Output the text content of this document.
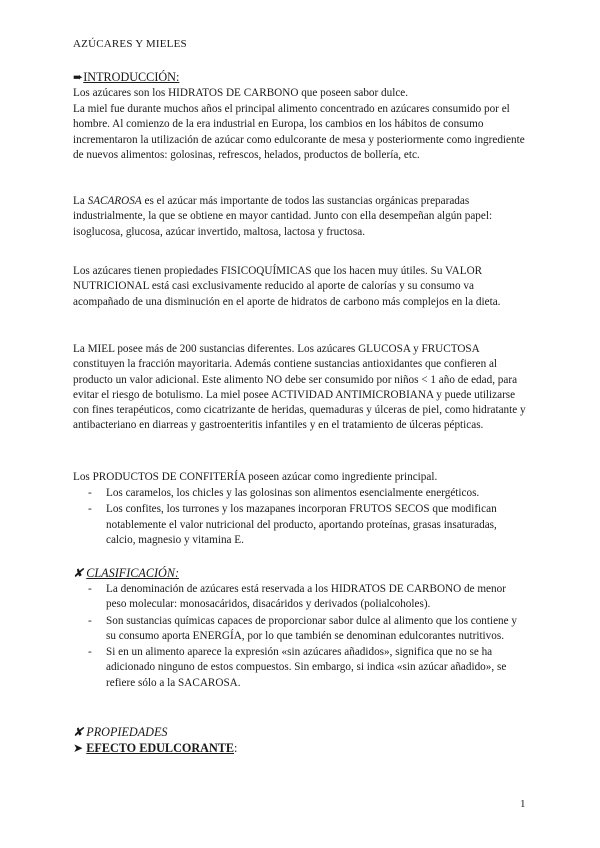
AZÚCARES Y MIELES
➨INTRODUCCIÓN:

Los azúcares son los HIDRATOS DE CARBONO que poseen sabor dulce.

La miel fue durante muchos años el principal alimento concentrado en azúcares consumido por el hombre. Al comienzo de la era industrial en Europa, los cambios en los hábitos de consumo incrementaron la utilización de azúcar como edulcorante de mesa y posteriormente como ingrediente de nuevos alimentos: golosinas, refrescos, helados, productos de bollería, etc.

La SACAROSA es el azúcar más importante de todos las sustancias orgánicas preparadas industrialmente, la que se obtiene en mayor cantidad. Junto con ella desempeñan algún papel: isoglucosa, glucosa, azúcar invertido, maltosa, lactosa y fructosa.

Los azúcares tienen propiedades FISICOQUÍMICAS que los hacen muy útiles. Su VALOR NUTRICIONAL está casi exclusivamente reducido al aporte de calorías y su consumo va acompañado de una disminución en el aporte de hidratos de carbono más complejos en la dieta.

La MIEL posee más de 200 sustancias diferentes. Los azúcares GLUCOSA y FRUCTOSA constituyen la fracción mayoritaria. Además contiene sustancias antioxidantes que confieren al producto un valor adicional. Este alimento NO debe ser consumido por niños < 1 año de edad, para evitar el riesgo de botulismo. La miel posee ACTIVIDAD ANTIMICROBIANA y puede utilizarse con fines terapéuticos, como cicatrizante de heridas, quemaduras y úlceras de piel, como hidratante y antibacteriano en diarreas y gastroenteritis infantiles y en el tratamiento de úlceras pépticas.

Los PRODUCTOS DE CONFITERÍA poseen azúcar como ingrediente principal.

- Los caramelos, los chicles y las golosinas son alimentos esencialmente energéticos.
- Los confites, los turrones y los mazapanes incorporan FRUTOS SECOS que modifican notablemente el valor nutricional del producto, aportando proteínas, grasas insaturadas, calcio, magnesio y vitamina E.
✘ CLASIFICACIÓN:
- La denominación de azúcares está reservada a los HIDRATOS DE CARBONO de menor peso molecular: monosacáridos, disacáridos y derivados (polialcoholes).
- Son sustancias químicas capaces de proporcionar sabor dulce al alimento que los contiene y su consumo aporta ENERGÍA, por lo que también se denominan edulcorantes nutritivos.
- Si en un alimento aparece la expresión «sin azúcares añadidos», significa que no se ha adicionado ninguno de estos compuestos. Sin embargo, si indica «sin azúcar añadido», se refiere sólo a la SACAROSA.
✘ PROPIEDADES
➤ EFECTO EDULCORANTE:
1
